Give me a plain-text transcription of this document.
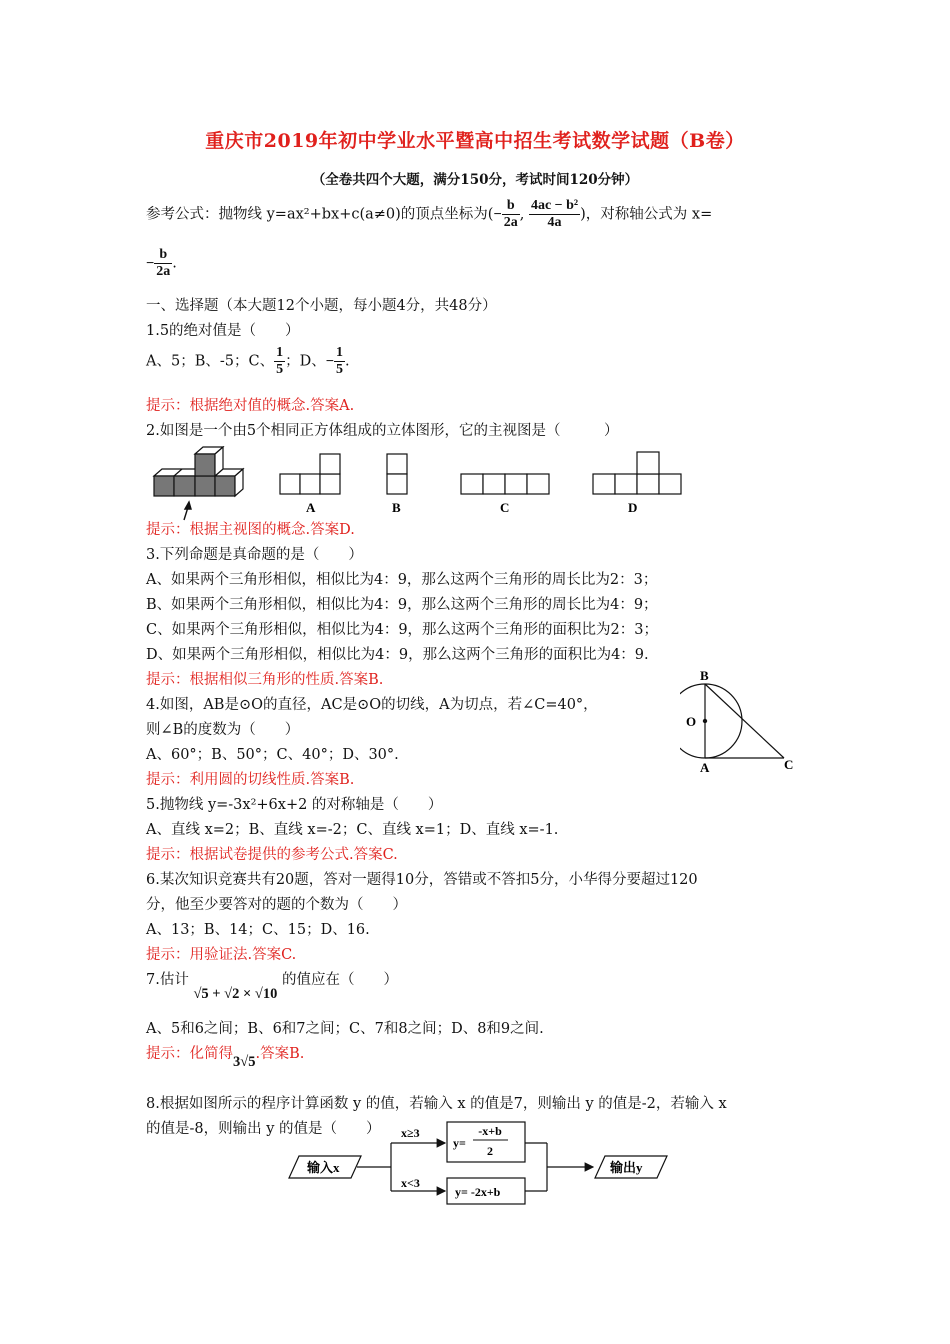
重庆市2019年初中学业水平暨高中招生考试数学试题（B卷）
（全卷共四个大题，满分150分，考试时间120分钟）
参考公式：抛物线 y=ax²+bx+c(a≠0)的顶点坐标为(− $\frac{b}{2a}$ , $\frac{\text{4ac − b²}}{4a}$ )，对称轴公式为 x=
− $\frac{b}{2a}$ .
一、选择题（本大题12个小题，每小题4分，共48分）
1.5的绝对值是（　　）
A、5；B、-5；C、 $\frac{1}{5}$ ；D、− $\frac{1}{5}$ .
提示：根据绝对值的概念.答案A.
2.如图是一个由5个相同正方体组成的立体图形，它的主视图是（　　　）
A	B	C	D
提示：根据主视图的概念.答案D.
3.下列命题是真命题的是（　　）
A、如果两个三角形相似，相似比为4：9，那么这两个三角形的周长比为2：3；
B、如果两个三角形相似，相似比为4：9，那么这两个三角形的周长比为4：9；
C、如果两个三角形相似，相似比为4：9，那么这两个三角形的面积比为2：3；
D、如果两个三角形相似，相似比为4：9，那么这两个三角形的面积比为4：9.
提示：根据相似三角形的性质.答案B.
4.如图，AB是⊙O的直径，AC是⊙O的切线，A为切点，若∠C=40°，
则∠B的度数为（　　）
A、60°；B、50°；C、40°；D、30°.
提示：利用圆的切线性质.答案B.
B
O
A	C
5.抛物线 y=-3x²+6x+2 的对称轴是（　　）
A、直线 x=2；B、直线 x=-2；C、直线 x=1；D、直线 x=-1.
提示：根据试卷提供的参考公式.答案C.
6.某次知识竞赛共有20题，答对一题得10分，答错或不答扣5分，小华得分要超过120
分，他至少要答对的题的个数为（　　）
A、13；B、14；C、15；D、16.
提示：用验证法.答案C.
7.估计 √5 + √2 × √10 的值应在（　　）
A、5和6之间；B、6和7之间；C、7和8之间；D、8和9之间.
提示：化简得3√5.答案B.
8.根据如图所示的程序计算函数 y 的值，若输入 x 的值是7，则输出 y 的值是-2，若输入 x
的值是-8，则输出 y 的值是（　　）
输入x
x≥3
x<3
y=
-x+b
2
y= -2x+b
输出y
